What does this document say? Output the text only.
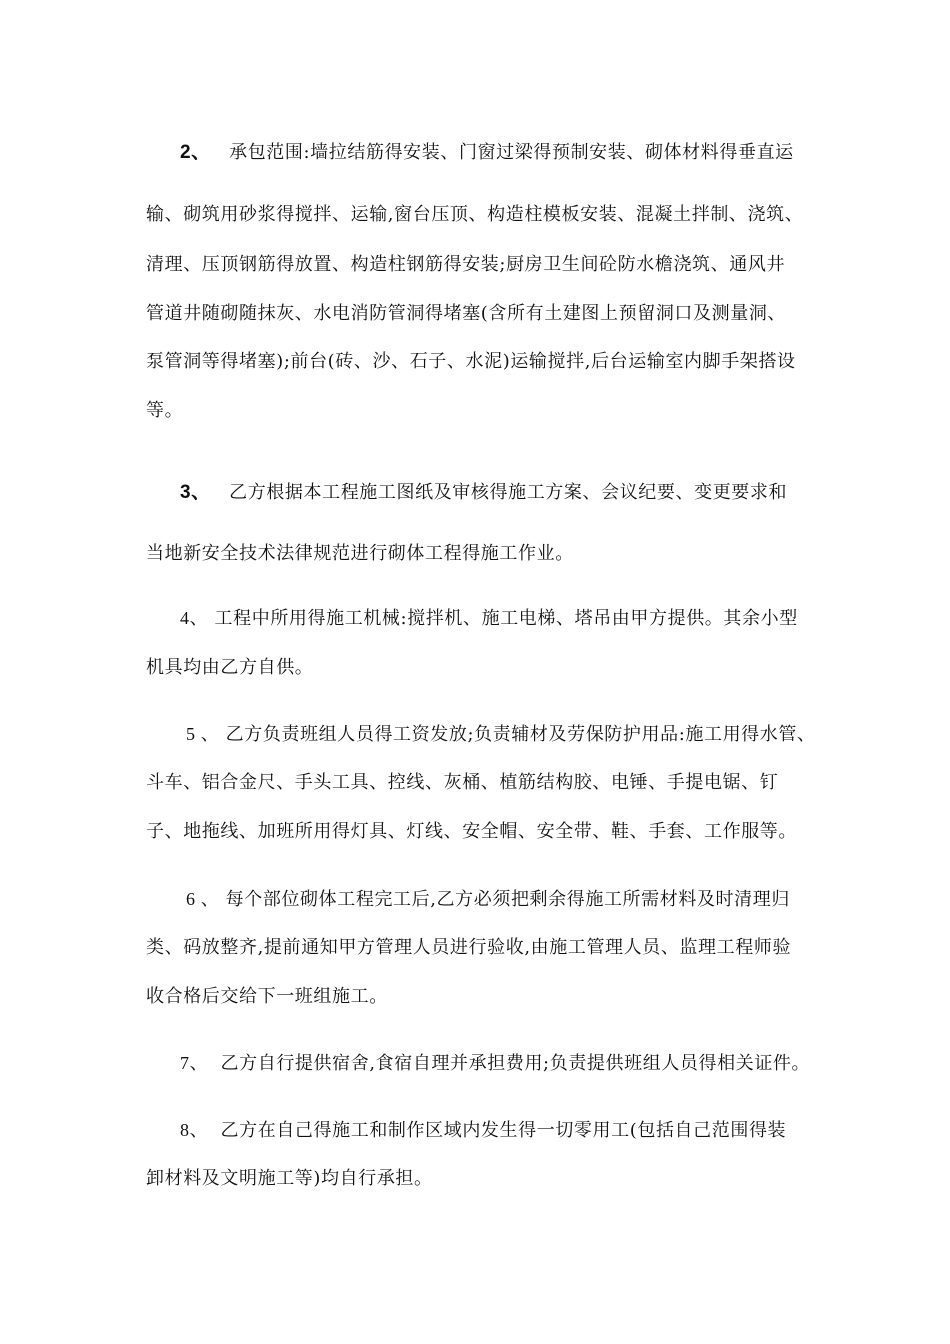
2、 承包范围:墙拉结筋得安装、门窗过梁得预制安装、砌体材料得垂直运
输、砌筑用砂浆得搅拌、运输,窗台压顶、构造柱模板安装、混凝土拌制、浇筑、
清理、压顶钢筋得放置、构造柱钢筋得安装;厨房卫生间砼防水檐浇筑、通风井
管道井随砌随抹灰、水电消防管洞得堵塞(含所有土建图上预留洞口及测量洞、
泵管洞等得堵塞);前台(砖、沙、石子、水泥)运输搅拌,后台运输室内脚手架搭设
等。
3、 乙方根据本工程施工图纸及审核得施工方案、会议纪要、变更要求和
当地新安全技术法律规范进行砌体工程得施工作业。
4、 工程中所用得施工机械:搅拌机、施工电梯、塔吊由甲方提供。其余小型
机具均由乙方自供。
5 、 乙方负责班组人员得工资发放;负责辅材及劳保防护用品:施工用得水管、
斗车、铝合金尺、手头工具、控线、灰桶、植筋结构胶、电锤、手提电锯、钉
子、地拖线、加班所用得灯具、灯线、安全帽、安全带、鞋、手套、工作服等。
6 、 每个部位砌体工程完工后,乙方必须把剩余得施工所需材料及时清理归
类、码放整齐,提前通知甲方管理人员进行验收,由施工管理人员、监理工程师验
收合格后交给下一班组施工。
7、 乙方自行提供宿舍,食宿自理并承担费用;负责提供班组人员得相关证件。
8、 乙方在自己得施工和制作区域内发生得一切零用工(包括自己范围得装
卸材料及文明施工等)均自行承担。
